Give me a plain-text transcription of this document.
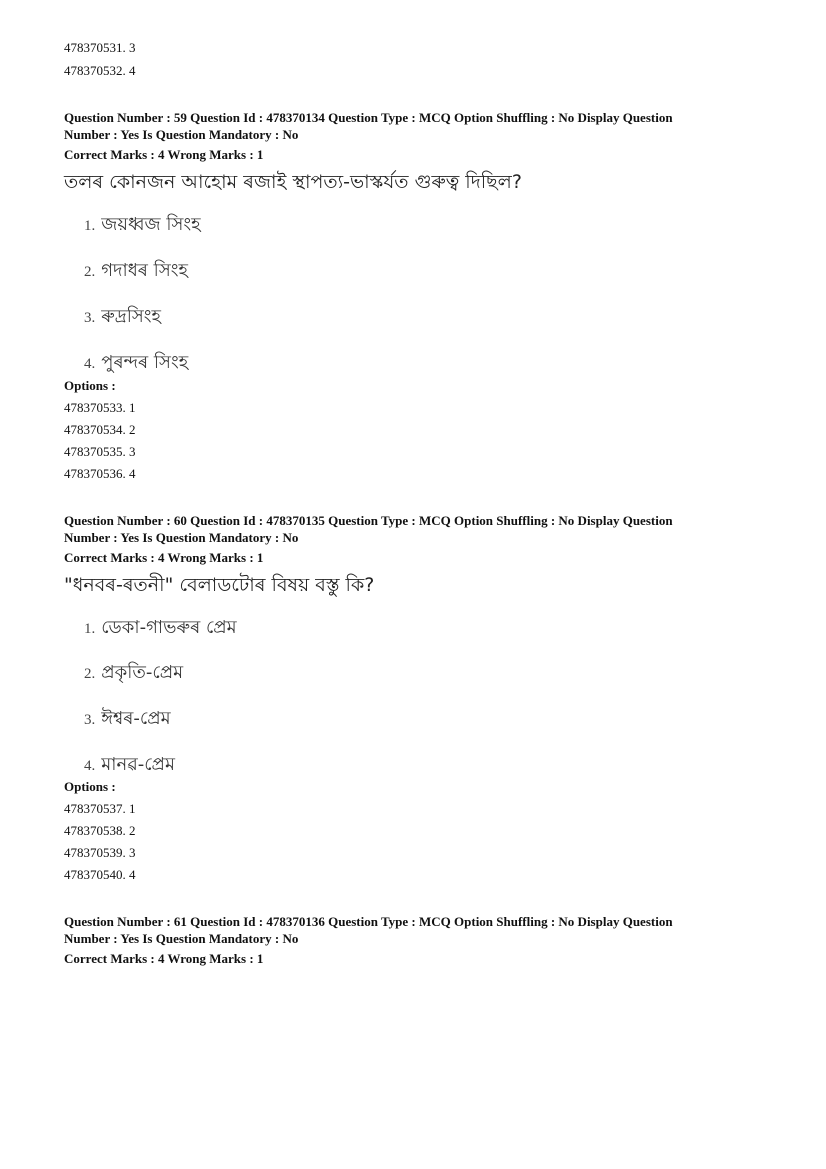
478370531. 3
478370532. 4
Question Number : 59 Question Id : 478370134 Question Type : MCQ Option Shuffling : No Display Question
Number : Yes Is Question Mandatory : No
Correct Marks : 4 Wrong Marks : 1
তলৰ কোনজন আহোম ৰজাই স্থাপত্য-ভাস্কৰ্যত গুৰুত্ব দিছিল?
1. জয়ধ্বজ সিংহ
2. গদাধৰ সিংহ
3. ৰুদ্ৰসিংহ
4. পুৰন্দৰ সিংহ
Options :
478370533. 1
478370534. 2
478370535. 3
478370536. 4
Question Number : 60 Question Id : 478370135 Question Type : MCQ Option Shuffling : No Display Question
Number : Yes Is Question Mandatory : No
Correct Marks : 4 Wrong Marks : 1
"ধনবৰ-ৰতনী" বেলাডটোৰ বিষয় বস্তু কি?
1. ডেকা-গাভৰুৰ প্ৰেম
2. প্ৰকৃতি-প্ৰেম
3. ঈশ্বৰ-প্ৰেম
4. মানৱ-প্ৰেম
Options :
478370537. 1
478370538. 2
478370539. 3
478370540. 4
Question Number : 61 Question Id : 478370136 Question Type : MCQ Option Shuffling : No Display Question
Number : Yes Is Question Mandatory : No
Correct Marks : 4 Wrong Marks : 1
